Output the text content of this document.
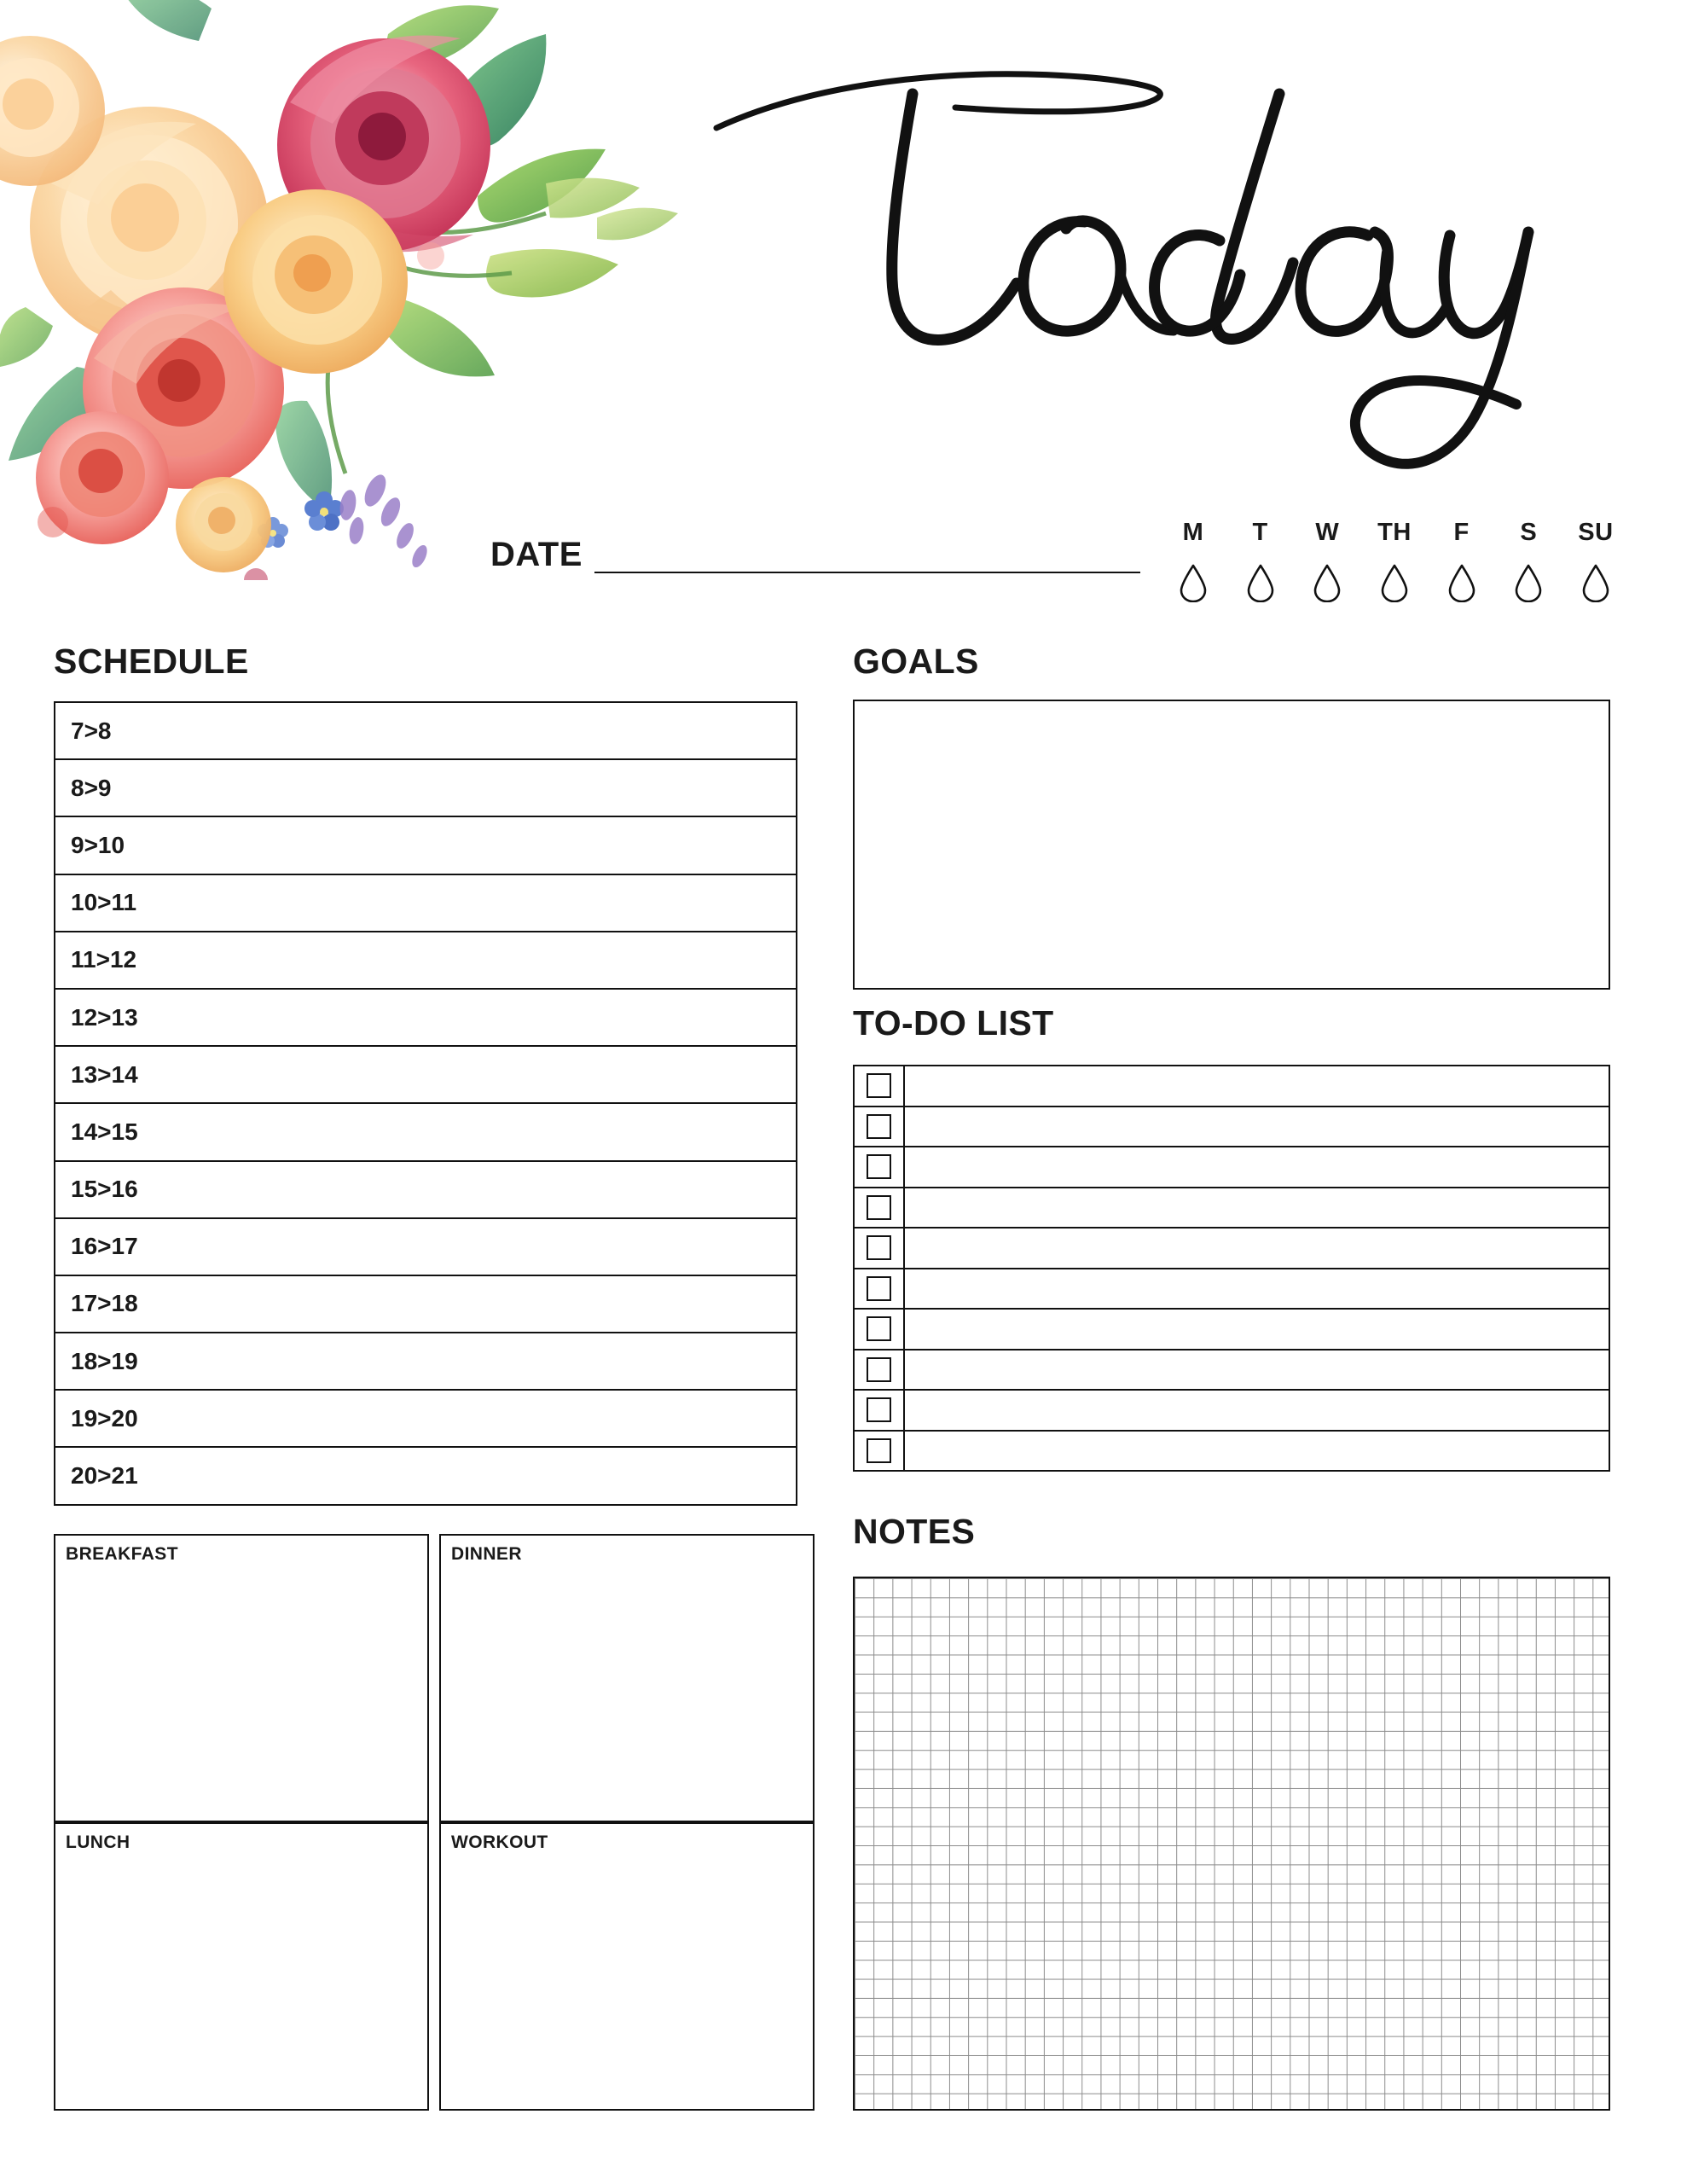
DATE
M	T	W	TH	F	S	SU
SCHEDULE	GOALS
TO-DO LIST
NOTES
7>8
8>9
9>10
10>11
11>12
12>13
13>14
14>15
15>16
16>17
17>18
18>19
19>20
20>21
BREAKFAST	DINNER
LUNCH	WORKOUT
